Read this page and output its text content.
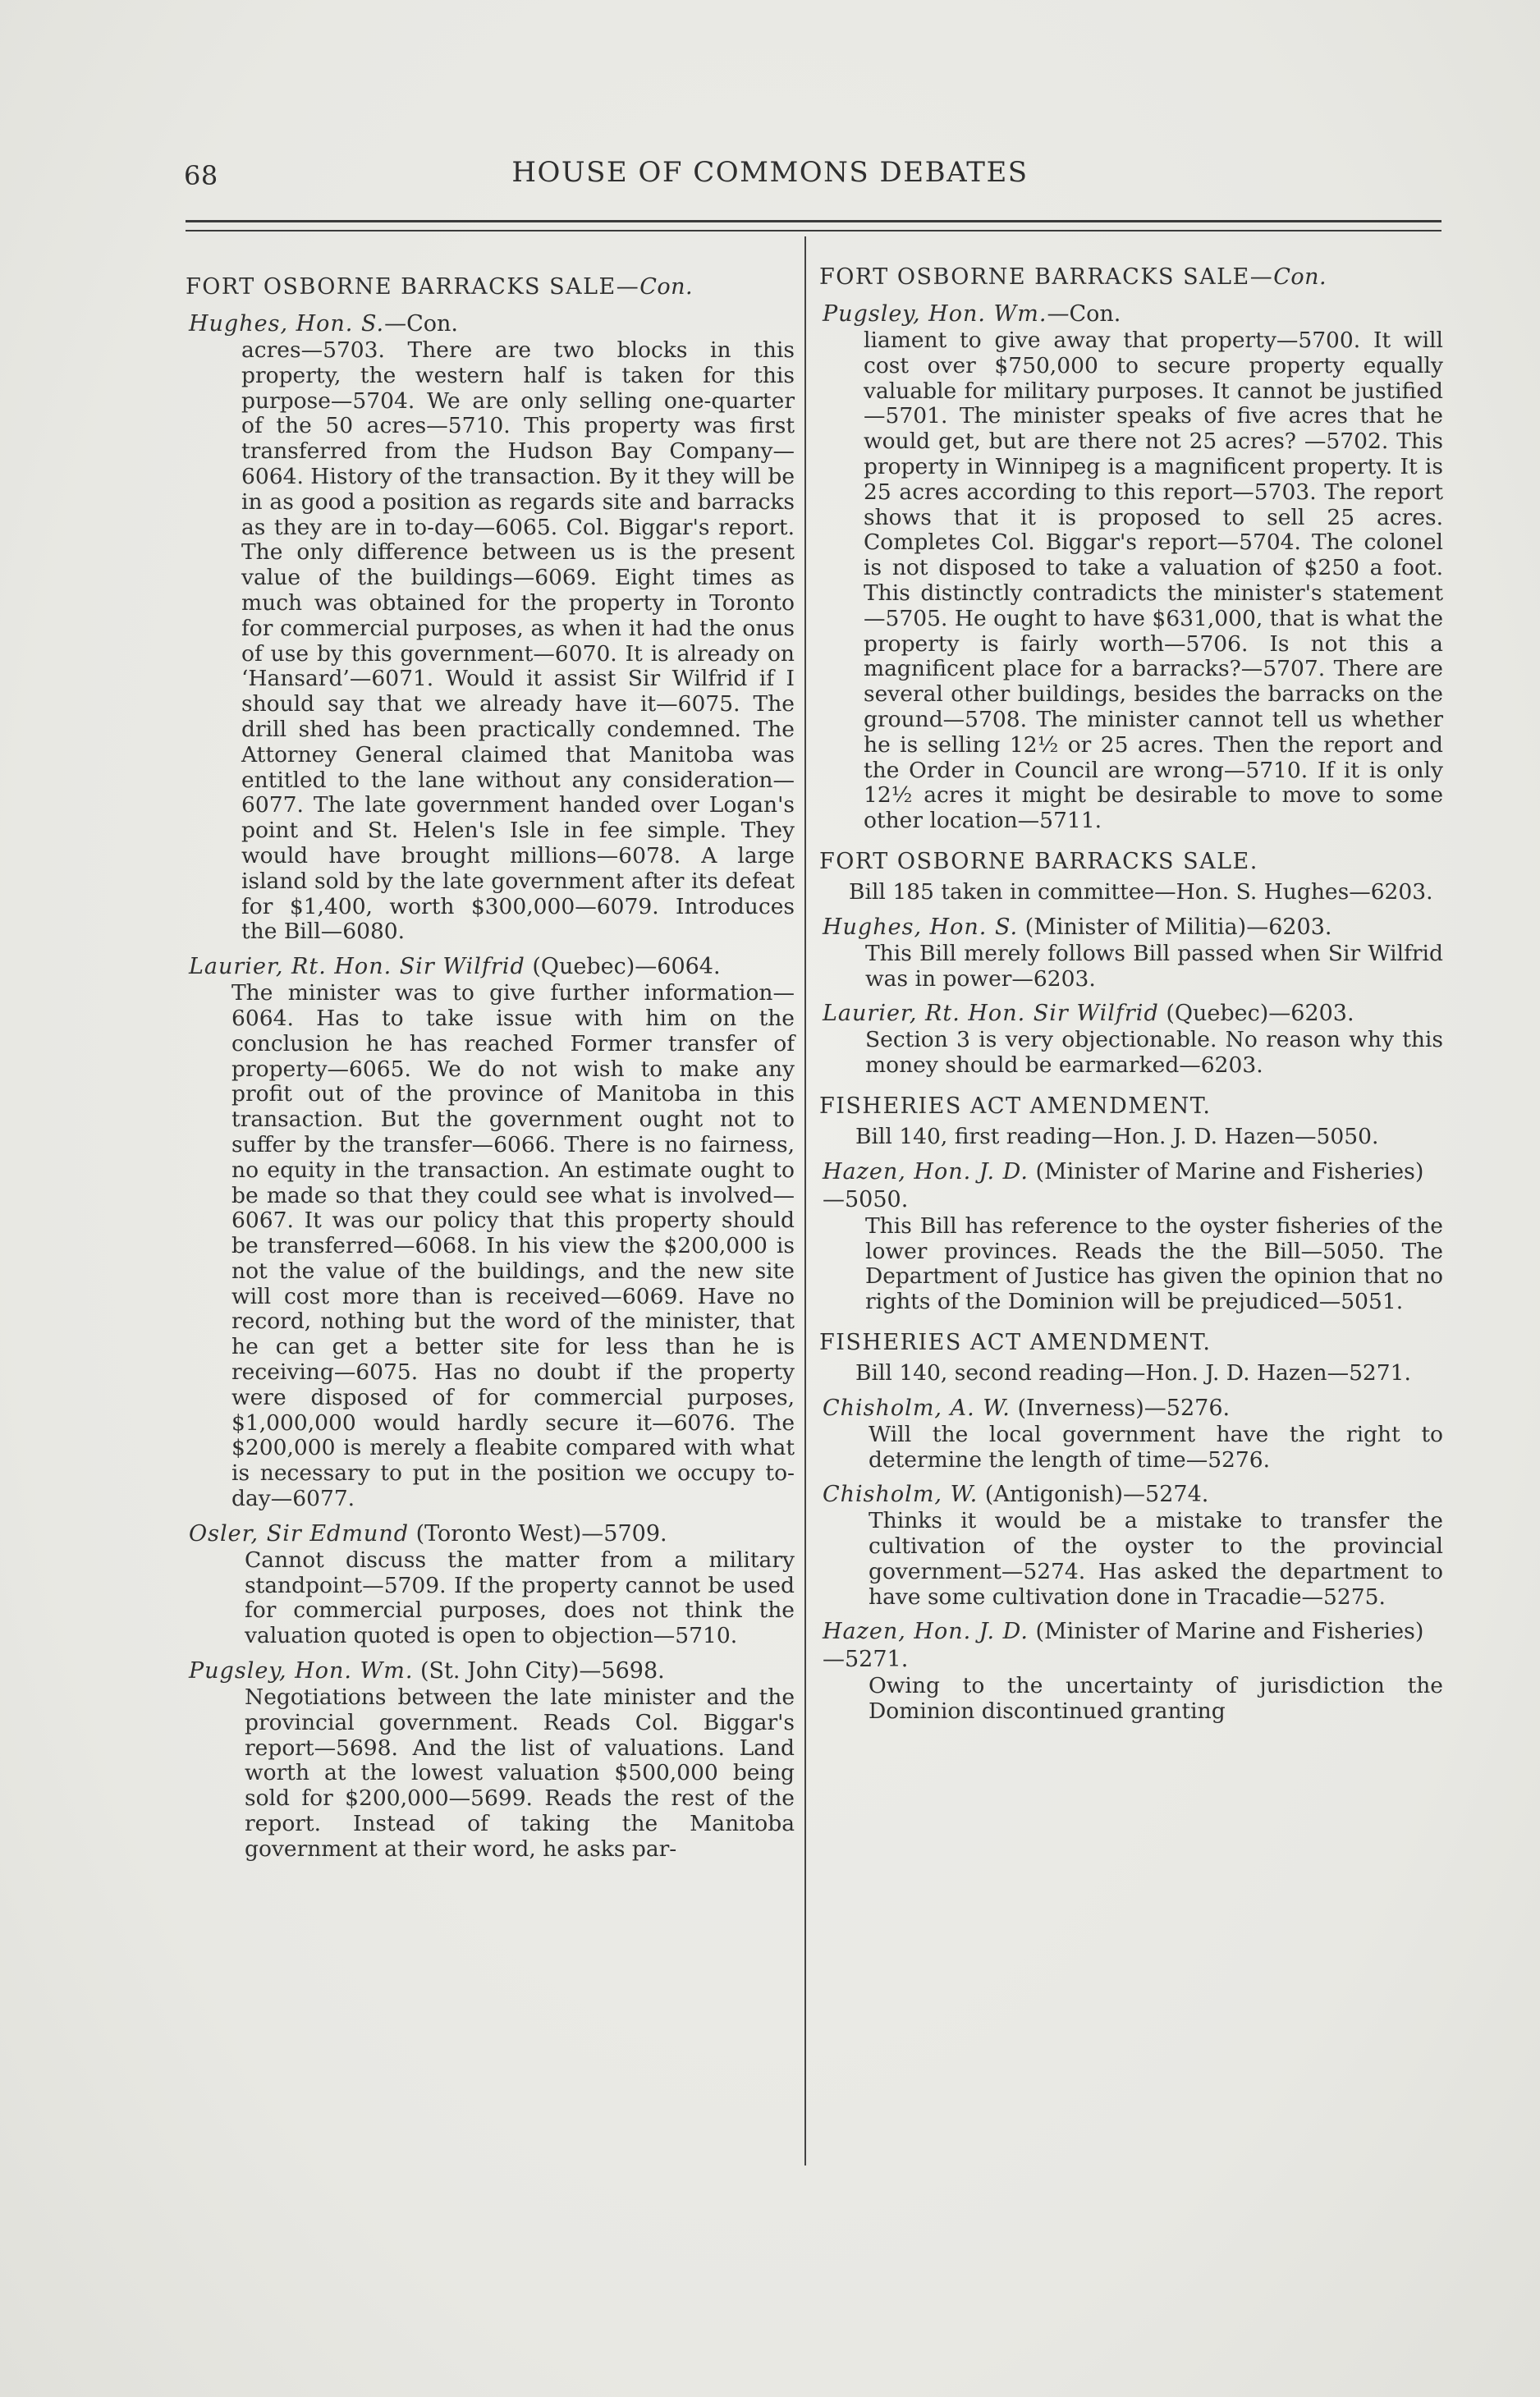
68	HOUSE OF COMMONS DEBATES
FORT OSBORNE BARRACKS SALE—Con.
Hughes, Hon. S.—Con.
acres—5703. There are two blocks in this property, the western half is taken for this purpose—5704. We are only selling one-quarter of the 50 acres—5710. This property was first transferred from the Hudson Bay Company—6064. History of the transaction. By it they will be in as good a position as regards site and barracks as they are in to-day—6065. Col. Biggar's report. The only difference between us is the present value of the buildings—6069. Eight times as much was obtained for the property in Toronto for commercial purposes, as when it had the onus of use by this government—6070. It is already on ‘Hansard’—6071. Would it assist Sir Wilfrid if I should say that we already have it—6075. The drill shed has been practically condemned. The Attorney General claimed that Manitoba was entitled to the lane without any consideration—6077. The late government handed over Logan's point and St. Helen's Isle in fee simple. They would have brought millions—6078. A large island sold by the late government after its defeat for $1,400, worth $300,000—6079. Introduces the Bill—6080.
Laurier, Rt. Hon. Sir Wilfrid (Quebec)—6064.
The minister was to give further information—6064. Has to take issue with him on the conclusion he has reached Former transfer of property—6065. We do not wish to make any profit out of the province of Manitoba in this transaction. But the government ought not to suffer by the transfer—6066. There is no fairness, no equity in the transaction. An estimate ought to be made so that they could see what is involved—6067. It was our policy that this property should be transferred—6068. In his view the $200,000 is not the value of the buildings, and the new site will cost more than is received—6069. Have no record, nothing but the word of the minister, that he can get a better site for less than he is receiving—6075. Has no doubt if the property were disposed of for commercial purposes, $1,000,000 would hardly secure it—6076. The $200,000 is merely a fleabite compared with what is necessary to put in the position we occupy to-day—6077.
Osler, Sir Edmund (Toronto West)—5709.
Cannot discuss the matter from a military standpoint—5709. If the property cannot be used for commercial purposes, does not think the valuation quoted is open to objection—5710.
Pugsley, Hon. Wm. (St. John City)—5698.
Negotiations between the late minister and the provincial government. Reads Col. Biggar's report—5698. And the list of valuations. Land worth at the lowest valuation $500,000 being sold for $200,000—5699. Reads the rest of the report. Instead of taking the Manitoba government at their word, he asks par-
FORT OSBORNE BARRACKS SALE—Con.
Pugsley, Hon. Wm.—Con.
liament to give away that property—5700. It will cost over $750,000 to secure property equally valuable for military purposes. It cannot be justified—5701. The minister speaks of five acres that he would get, but are there not 25 acres? —5702. This property in Winnipeg is a magnificent property. It is 25 acres according to this report—5703. The report shows that it is proposed to sell 25 acres. Completes Col. Biggar's report—5704. The colonel is not disposed to take a valuation of $250 a foot. This distinctly contradicts the minister's statement—5705. He ought to have $631,000, that is what the property is fairly worth—5706. Is not this a magnificent place for a barracks?—5707. There are several other buildings, besides the barracks on the ground—5708. The minister cannot tell us whether he is selling 12½ or 25 acres. Then the report and the Order in Council are wrong—5710. If it is only 12½ acres it might be desirable to move to some other location—5711.
FORT OSBORNE BARRACKS SALE.
Bill 185 taken in committee—Hon. S. Hughes—6203.
Hughes, Hon. S. (Minister of Militia)—6203.
This Bill merely follows Bill passed when Sir Wilfrid was in power—6203.
Laurier, Rt. Hon. Sir Wilfrid (Quebec)—6203.
Section 3 is very objectionable. No reason why this money should be earmarked—6203.
FISHERIES ACT AMENDMENT.
Bill 140, first reading—Hon. J. D. Hazen—5050.
Hazen, Hon. J. D. (Minister of Marine and Fisheries)—5050.
This Bill has reference to the oyster fisheries of the lower provinces. Reads the the Bill—5050. The Department of Justice has given the opinion that no rights of the Dominion will be prejudiced—5051.
FISHERIES ACT AMENDMENT.
Bill 140, second reading—Hon. J. D. Hazen—5271.
Chisholm, A. W. (Inverness)—5276.
Will the local government have the right to determine the length of time—5276.
Chisholm, W. (Antigonish)—5274.
Thinks it would be a mistake to transfer the cultivation of the oyster to the provincial government—5274. Has asked the department to have some cultivation done in Tracadie—5275.
Hazen, Hon. J. D. (Minister of Marine and Fisheries)—5271.
Owing to the uncertainty of jurisdiction the Dominion discontinued granting
